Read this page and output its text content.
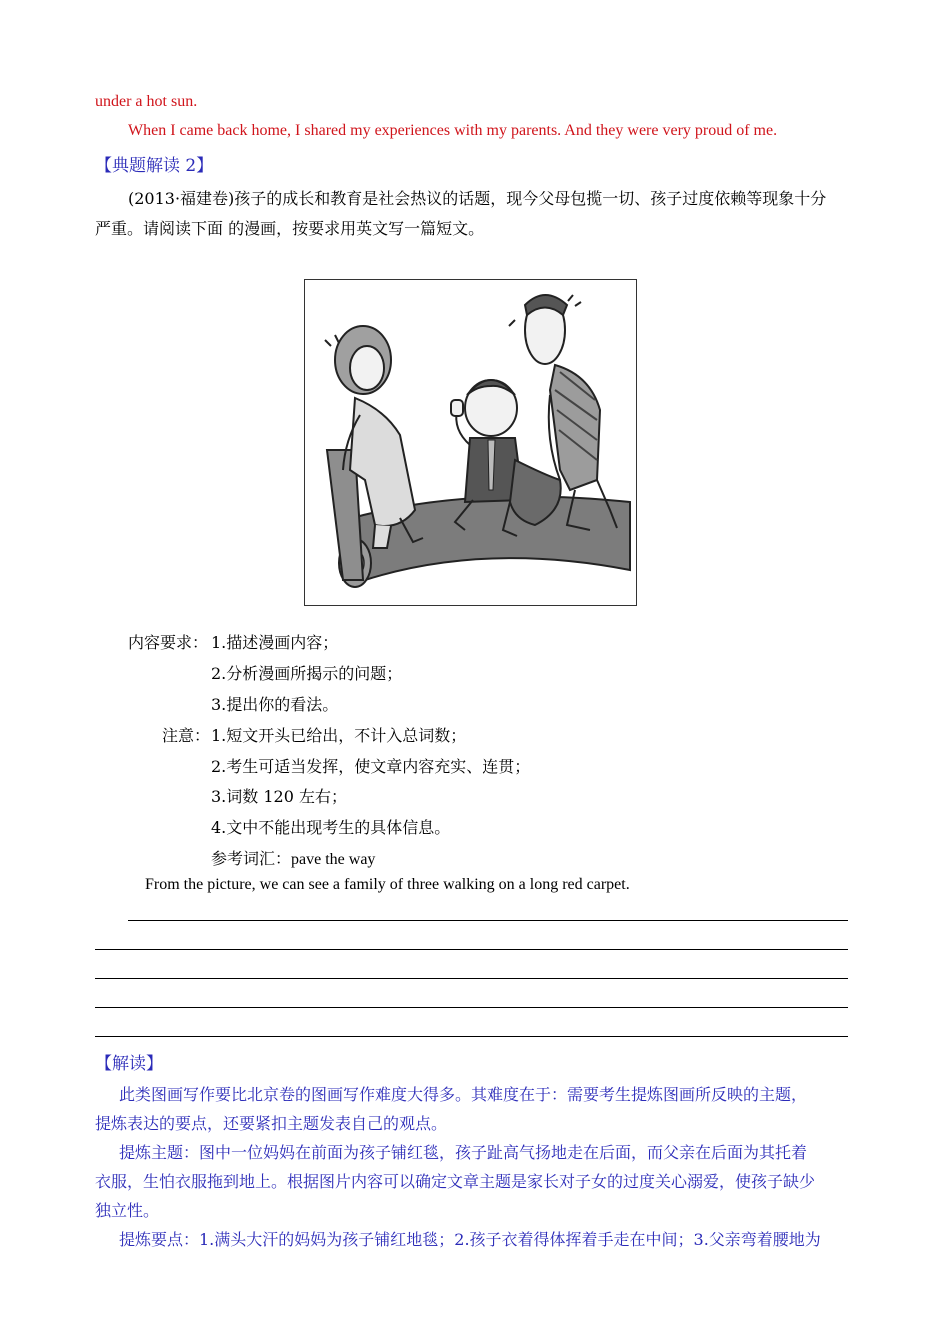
under a hot sun.
When I came back home, I shared my experiences with my parents. And they were very proud of me.
【典题解读 2】
(2013·福建卷)孩子的成长和教育是社会热议的话题，现今父母包揽一切、孩子过度依赖等现象十分
严重。请阅读下面 的漫画，按要求用英文写一篇短文。
内容要求： 1.描述漫画内容；
2.分析漫画所揭示的问题；
3.提出你的看法。
注意： 1.短文开头已给出，不计入总词数；
2.考生可适当发挥，使文章内容充实、连贯；
3.词数 120 左右；
4.文中不能出现考生的具体信息。
参考词汇：pave the way
From the picture, we can see a family of three walking on a long red carpet.
【解读】
此类图画写作要比北京卷的图画写作难度大得多。其难度在于：需要考生提炼图画所反映的主题，
提炼表达的要点，还要紧扣主题发表自己的观点。
提炼主题：图中一位妈妈在前面为孩子铺红毯，孩子趾高气扬地走在后面，而父亲在后面为其托着
衣服，生怕衣服拖到地上。根据图片内容可以确定文章主题是家长对子女的过度关心溺爱，使孩子缺少
独立性。
提炼要点：1.满头大汗的妈妈为孩子铺红地毯；2.孩子衣着得体挥着手走在中间；3.父亲弯着腰地为
